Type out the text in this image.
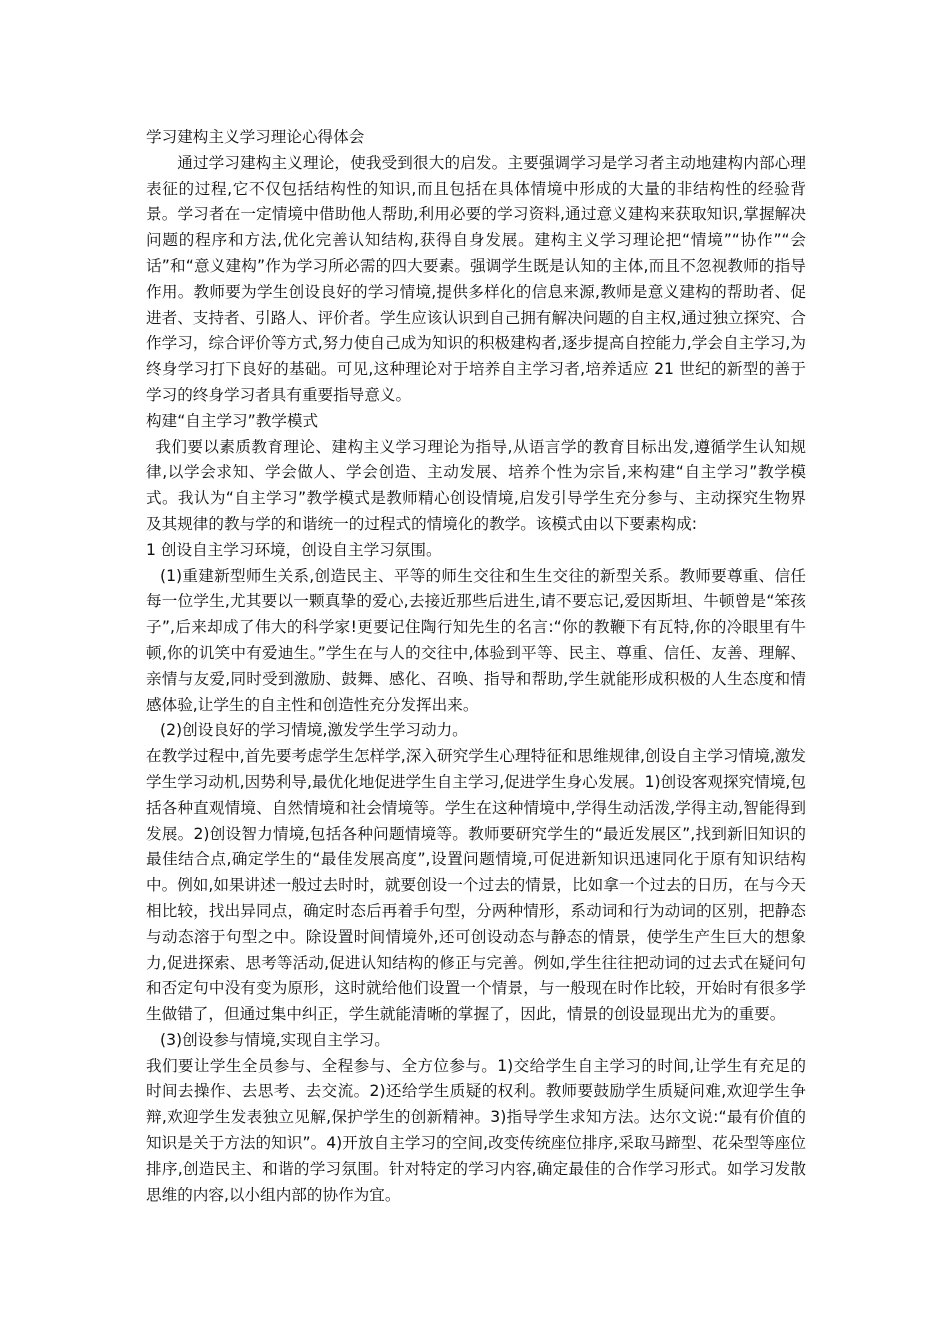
学习建构主义学习理论心得体会

通过学习建构主义理论，使我受到很大的启发。主要强调学习是学习者主动地建构内部心理表征的过程,它不仅包括结构性的知识,而且包括在具体情境中形成的大量的非结构性的经验背景。学习者在一定情境中借助他人帮助,利用必要的学习资料,通过意义建构来获取知识,掌握解决问题的程序和方法,优化完善认知结构,获得自身发展。建构主义学习理论把“情境”“协作”“会话”和“意义建构”作为学习所必需的四大要素。强调学生既是认知的主体,而且不忽视教师的指导作用。教师要为学生创设良好的学习情境,提供多样化的信息来源,教师是意义建构的帮助者、促进者、支持者、引路人、评价者。学生应该认识到自己拥有解决问题的自主权,通过独立探究、合作学习，综合评价等方式,努力使自己成为知识的积极建构者,逐步提高自控能力,学会自主学习,为终身学习打下良好的基础。可见,这种理论对于培养自主学习者,培养适应 21 世纪的新型的善于学习的终身学习者具有重要指导意义。

构建“自主学习”教学模式

我们要以素质教育理论、建构主义学习理论为指导,从语言学的教育目标出发,遵循学生认知规律,以学会求知、学会做人、学会创造、主动发展、培养个性为宗旨,来构建“自主学习”教学模式。我认为“自主学习”教学模式是教师精心创设情境,启发引导学生充分参与、主动探究生物界及其规律的教与学的和谐统一的过程式的情境化的教学。该模式由以下要素构成:

1 创设自主学习环境，创设自主学习氛围。

(1)重建新型师生关系,创造民主、平等的师生交往和生生交往的新型关系。教师要尊重、信任每一位学生,尤其要以一颗真挚的爱心,去接近那些后进生,请不要忘记,爱因斯坦、牛顿曾是“笨孩子”,后来却成了伟大的科学家!更要记住陶行知先生的名言:“你的教鞭下有瓦特,你的冷眼里有牛顿,你的讥笑中有爱迪生。”学生在与人的交往中,体验到平等、民主、尊重、信任、友善、理解、亲情与友爱,同时受到激励、鼓舞、感化、召唤、指导和帮助,学生就能形成积极的人生态度和情感体验,让学生的自主性和创造性充分发挥出来。

(2)创设良好的学习情境,激发学生学习动力。

在教学过程中,首先要考虑学生怎样学,深入研究学生心理特征和思维规律,创设自主学习情境,激发学生学习动机,因势利导,最优化地促进学生自主学习,促进学生身心发展。1)创设客观探究情境,包括各种直观情境、自然情境和社会情境等。学生在这种情境中,学得生动活泼,学得主动,智能得到发展。2)创设智力情境,包括各种问题情境等。教师要研究学生的“最近发展区”,找到新旧知识的最佳结合点,确定学生的“最佳发展高度”,设置问题情境,可促进新知识迅速同化于原有知识结构中。例如,如果讲述一般过去时时，就要创设一个过去的情景，比如拿一个过去的日历，在与今天相比较，找出异同点，确定时态后再着手句型，分两种情形，系动词和行为动词的区别，把静态与动态溶于句型之中。除设置时间情境外,还可创设动态与静态的情景，使学生产生巨大的想象力,促进探索、思考等活动,促进认知结构的修正与完善。例如,学生往往把动词的过去式在疑问句和否定句中没有变为原形，这时就给他们设置一个情景，与一般现在时作比较，开始时有很多学生做错了，但通过集中纠正，学生就能清晰的掌握了，因此，情景的创设显现出尤为的重要。

(3)创设参与情境,实现自主学习。

我们要让学生全员参与、全程参与、全方位参与。1)交给学生自主学习的时间,让学生有充足的时间去操作、去思考、去交流。2)还给学生质疑的权利。教师要鼓励学生质疑问难,欢迎学生争辩,欢迎学生发表独立见解,保护学生的创新精神。3)指导学生求知方法。达尔文说:“最有价值的知识是关于方法的知识”。4)开放自主学习的空间,改变传统座位排序,采取马蹄型、花朵型等座位排序,创造民主、和谐的学习氛围。针对特定的学习内容,确定最佳的合作学习形式。如学习发散思维的内容,以小组内部的协作为宜。
